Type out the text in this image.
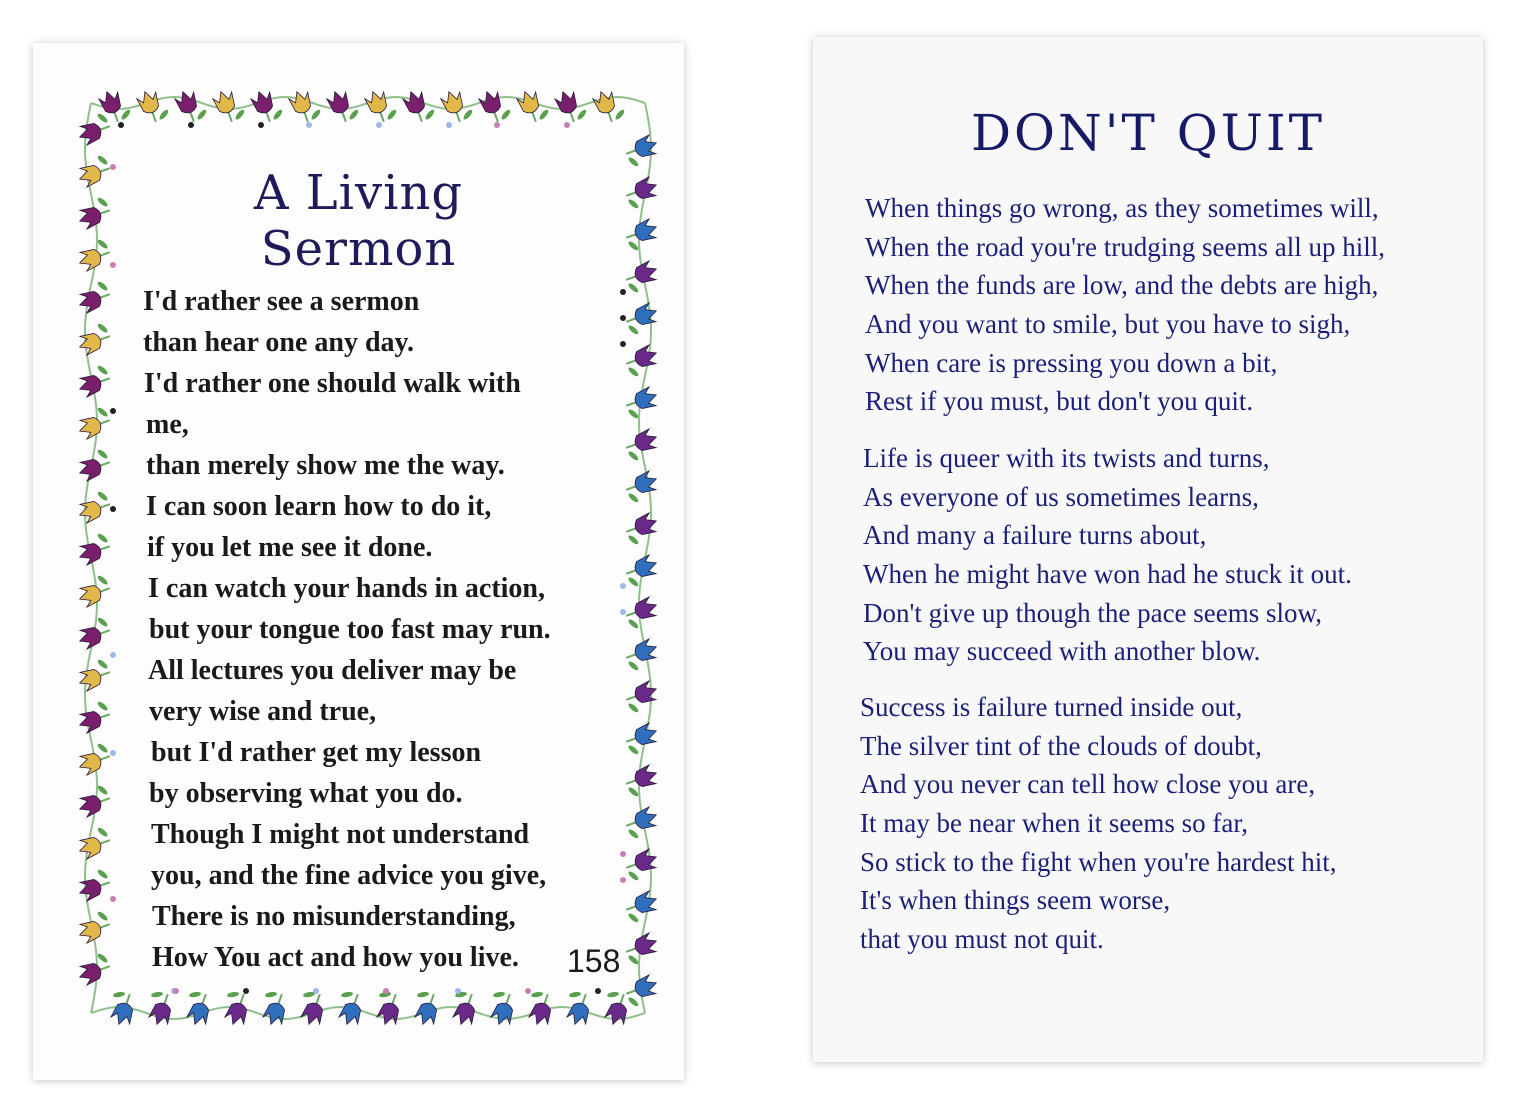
A Living
Sermon
I'd rather see a sermon
than hear one any day.
I'd rather one should walk with
me,
than merely show me the way.
I can soon learn how to do it,
if you let me see it done.
I can watch your hands in action,
but your tongue too fast may run.
All lectures you deliver may be
very wise and true,
but I'd rather get my lesson
by observing what you do.
Though I might not understand
you, and the fine advice you give,
There is no misunderstanding,
How You act and how you live.	158
DON'T QUIT
When things go wrong, as they sometimes will,
When the road you're trudging seems all up hill,
When the funds are low, and the debts are high,
And you want to smile, but you have to sigh,
When care is pressing you down a bit,
Rest if you must, but don't you quit.
Life is queer with its twists and turns,
As everyone of us sometimes learns,
And many a failure turns about,
When he might have won had he stuck it out.
Don't give up though the pace seems slow,
You may succeed with another blow.
Success is failure turned inside out,
The silver tint of the clouds of doubt,
And you never can tell how close you are,
It may be near when it seems so far,
So stick to the fight when you're hardest hit,
It's when things seem worse,
that you must not quit.
